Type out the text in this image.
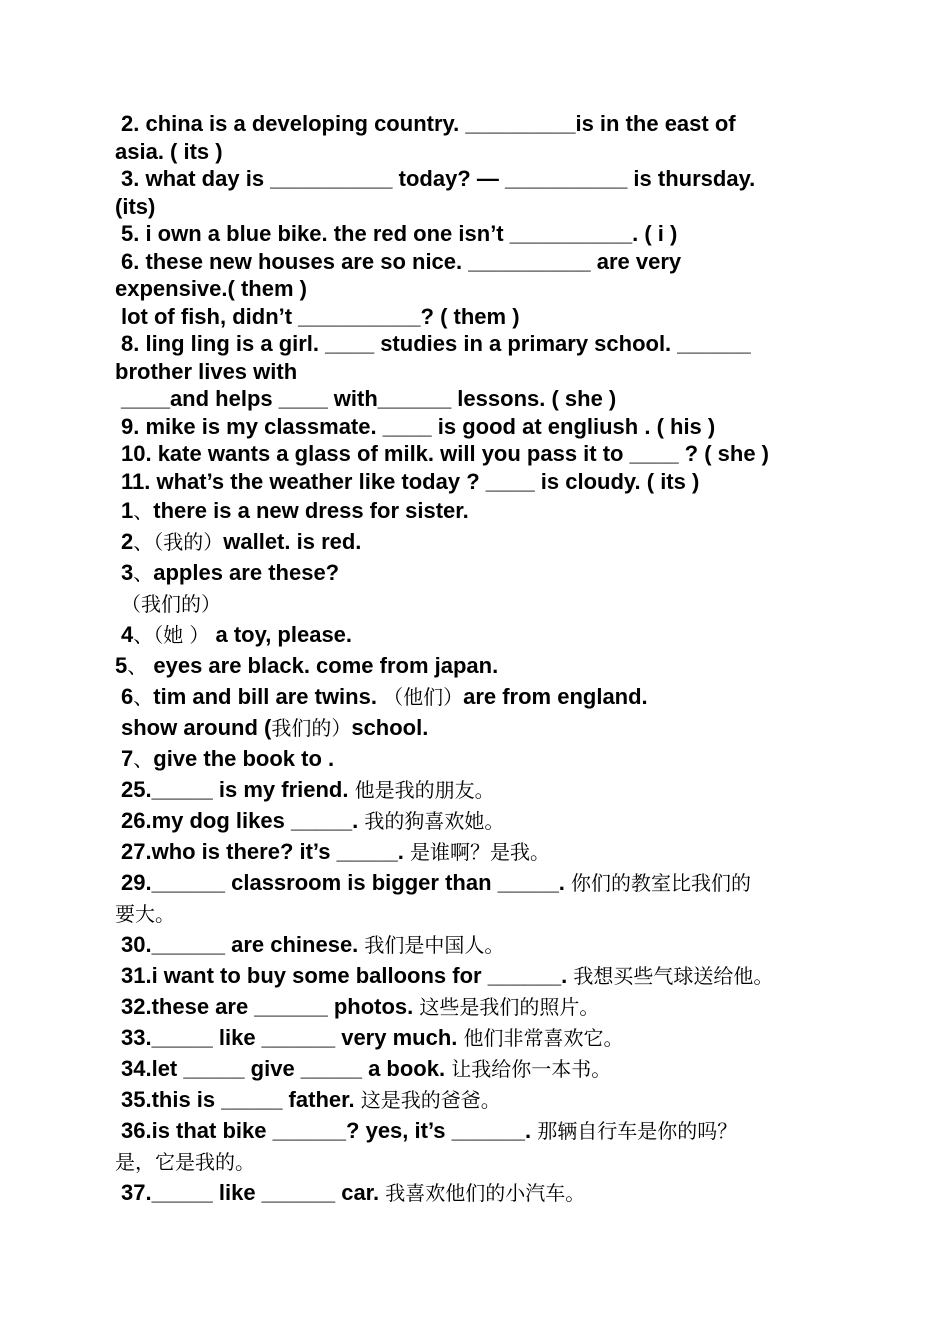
2. china is a developing country. _________is in the east of
asia. ( its )
3. what day is __________ today? — __________ is thursday.
(its)
5. i own a blue bike. the red one isn’t __________. ( i )
6. these new houses are so nice. __________ are very
expensive.( them )
lot of fish, didn’t __________? ( them )
8. ling ling is a girl. ____ studies in a primary school. ______
brother lives with
____and helps ____ with______ lessons. ( she )
9. mike is my classmate. ____ is good at engliush . ( his )
10. kate wants a glass of milk. will you pass it to ____ ? ( she )
11. what’s the weather like today ? ____ is cloudy. ( its )
1、there is a new dress for sister.
2、（我的）wallet. is red.
3、apples are these?
（我们的）
4、（她 ） a toy, please.
5、 eyes are black. come from japan.
6、tim and bill are twins. （他们）are from england.
show around (我们的）school.
7、give the book to .
25._____ is my friend. 他是我的朋友。
26.my dog likes _____. 我的狗喜欢她。
27.who is there? it’s _____. 是谁啊？是我。
29.______ classroom is bigger than _____. 你们的教室比我们的
要大。
30.______ are chinese. 我们是中国人。
31.i want to buy some balloons for ______. 我想买些气球送给他。
32.these are ______ photos. 这些是我们的照片。
33._____ like ______ very much. 他们非常喜欢它。
34.let _____ give _____ a book. 让我给你一本书。
35.this is _____ father. 这是我的爸爸。
36.is that bike ______? yes, it’s ______. 那辆自行车是你的吗？
是，它是我的。
37._____ like ______ car. 我喜欢他们的小汽车。
